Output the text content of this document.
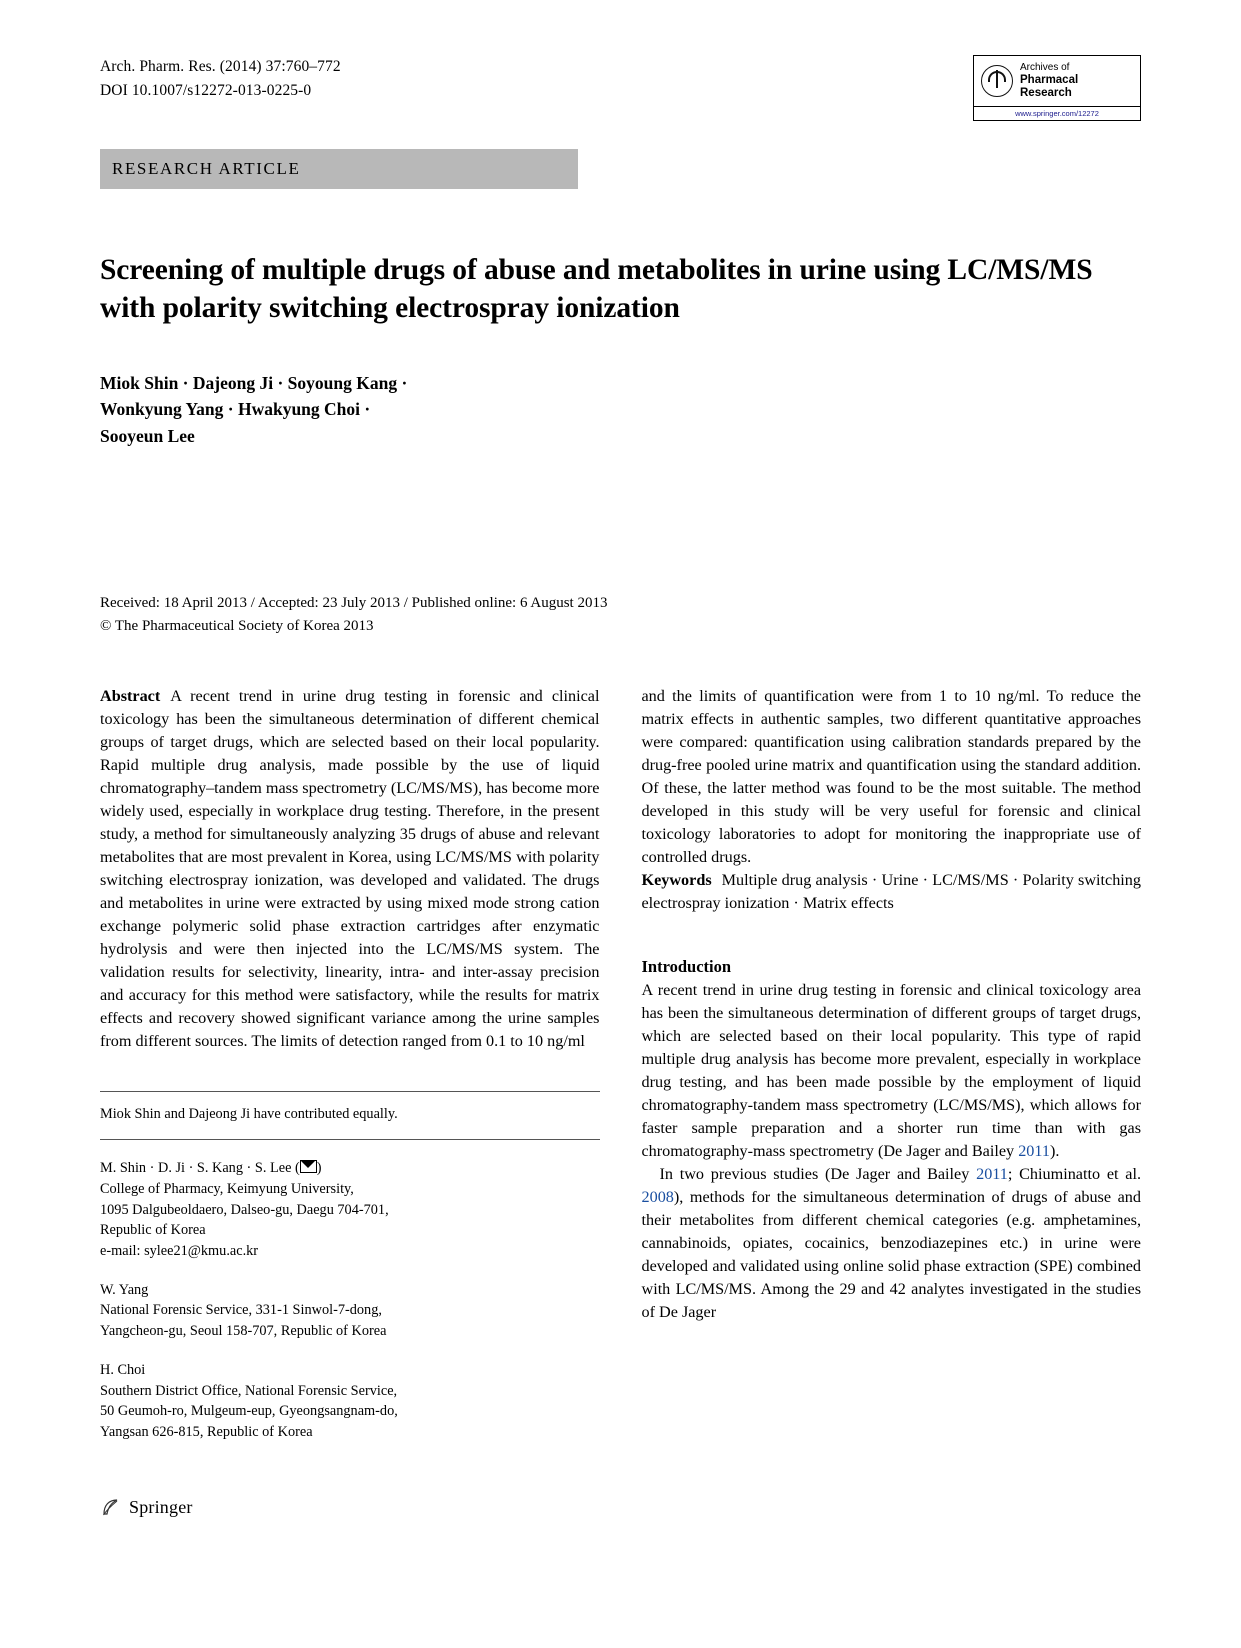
Arch. Pharm. Res. (2014) 37:760–772
DOI 10.1007/s12272-013-0225-0
Archives of
Pharmacal
Research
www.springer.com/12272
RESEARCH ARTICLE
Screening of multiple drugs of abuse and metabolites in urine using LC/MS/MS with polarity switching electrospray ionization
Miok Shin · Dajeong Ji · Soyoung Kang ·
Wonkyung Yang · Hwakyung Choi ·
Sooyeun Lee
Received: 18 April 2013 / Accepted: 23 July 2013 / Published online: 6 August 2013
© The Pharmaceutical Society of Korea 2013

Abstract A recent trend in urine drug testing in forensic and clinical toxicology has been the simultaneous determination of different chemical groups of target drugs, which are selected based on their local popularity. Rapid multiple drug analysis, made possible by the use of liquid chromatography–tandem mass spectrometry (LC/MS/MS), has become more widely used, especially in workplace drug testing. Therefore, in the present study, a method for simultaneously analyzing 35 drugs of abuse and relevant metabolites that are most prevalent in Korea, using LC/MS/MS with polarity switching electrospray ionization, was developed and validated. The drugs and metabolites in urine were extracted by using mixed mode strong cation exchange polymeric solid phase extraction cartridges after enzymatic hydrolysis and were then injected into the LC/MS/MS system. The validation results for selectivity, linearity, intra- and inter-assay precision and accuracy for this method were satisfactory, while the results for matrix effects and recovery showed significant variance among the urine samples from different sources. The limits of detection ranged from 0.1 to 10 ng/ml

Miok Shin and Dajeong Ji have contributed equally.
M. Shin · D. Ji · S. Kang · S. Lee ( )
College of Pharmacy, Keimyung University,
1095 Dalgubeoldaero, Dalseo-gu, Daegu 704-701,
Republic of Korea
e-mail: sylee21@kmu.ac.kr
W. Yang
National Forensic Service, 331-1 Sinwol-7-dong,
Yangcheon-gu, Seoul 158-707, Republic of Korea
H. Choi
Southern District Office, National Forensic Service,
50 Geumoh-ro, Mulgeum-eup, Gyeongsangnam-do,
Yangsan 626-815, Republic of Korea

and the limits of quantification were from 1 to 10 ng/ml. To reduce the matrix effects in authentic samples, two different quantitative approaches were compared: quantification using calibration standards prepared by the drug-free pooled urine matrix and quantification using the standard addition. Of these, the latter method was found to be the most suitable. The method developed in this study will be very useful for forensic and clinical toxicology laboratories to adopt for monitoring the inappropriate use of controlled drugs.

Keywords Multiple drug analysis · Urine · LC/MS/MS · Polarity switching electrospray ionization · Matrix effects

Introduction

A recent trend in urine drug testing in forensic and clinical toxicology area has been the simultaneous determination of different groups of target drugs, which are selected based on their local popularity. This type of rapid multiple drug analysis has become more prevalent, especially in workplace drug testing, and has been made possible by the employment of liquid chromatography-tandem mass spectrometry (LC/MS/MS), which allows for faster sample preparation and a shorter run time than with gas chromatography-mass spectrometry (De Jager and Bailey 2011).

In two previous studies (De Jager and Bailey 2011; Chiuminatto et al. 2008), methods for the simultaneous determination of drugs of abuse and their metabolites from different chemical categories (e.g. amphetamines, cannabinoids, opiates, cocainics, benzodiazepines etc.) in urine were developed and validated using online solid phase extraction (SPE) combined with LC/MS/MS. Among the 29 and 42 analytes investigated in the studies of De Jager

Springer
